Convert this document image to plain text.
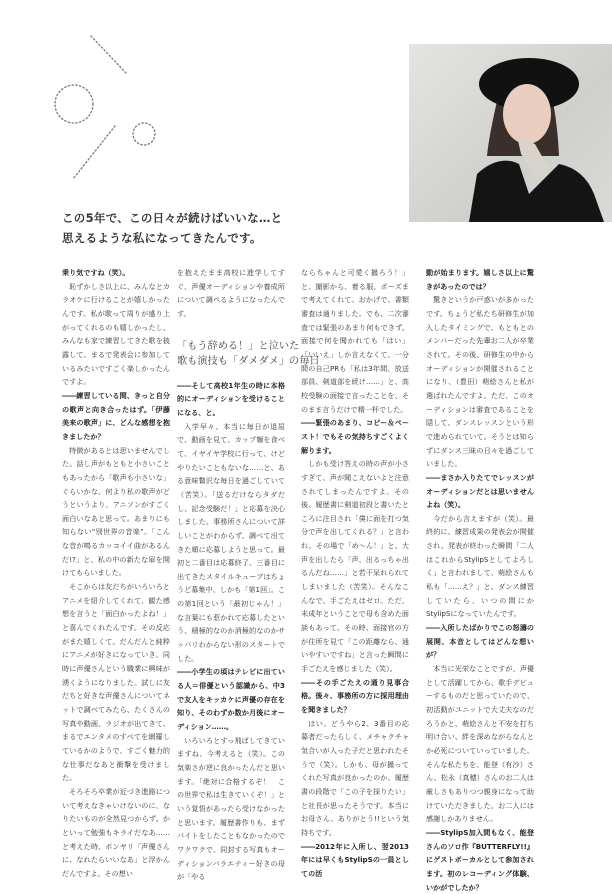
この5年で、この日々が続けばいいな…と
思えるような私になってきたんです。

乗り気ですね（笑）。

恥ずかしさ以上に、みんなとカラオケに行けることが嬉しかったんです。私が歌って周りが盛り上がってくれるのも嬉しかったし、みんなも家で練習してきた歌を披露して、まるで発表会に参加しているみたいですごく楽しかったんですよ。

――練習している間、きっと自分の歌声と向き合ったはず。「伊藤美来の歌声」に、どんな感想を抱きましたか？

特徴があるとは思いませんでした。話し声がもともと小さいこともあったから「歌声も小さいな」ぐらいかな。何より私の歌声がどうというより、アニソンがすごく面白いなあと思って。あまりにも知らない“別世界の音楽”。「こんな音が鳴るカッコイイ曲があるんだ!?」と、私の中の新たな扉を開けてもらいました。

そこからは友だちがいろいろとアニメを紹介してくれて、観た感想を言うと「面白かったよね！」と喜んでくれたんです。その反応がまた嬉しくて。だんだんと純粋にアニメが好きになっていき、同時に声優さんという職業に興味が湧くようになりました。試しに友だちと好きな声優さんについてネットで調べてみたら、たくさんの写真や動画、ラジオが出てきて、まるでエンタメのすべてを網羅しているかのようで、すごく魅力的な仕事だなあと衝撃を受けました。

そろそろ卒業が近づき進路について考えなきゃいけないのに、なりたいものが全然見つからず。かといって勉強もキライだなあ……と考えた時、ボンヤリ「声優さんに、なれたらいいなあ」と浮かんだんですよ。その想い

を抱えたまま高校に進学してすぐ、声優オーディションや養成所について調べるようになったんです。

「もう辞める！」と泣いた
歌も演技も「ダメダメ」の毎日

――そして高校1年生の時に本格的にオーディションを受けることになる、と。

入学早々、本当に毎日が退屈で、動画を見て、カップ麺を食べて、イヤイヤ学校に行って、けどやりたいこともないな……と、ある意味贅沢な毎日を過ごしていて（苦笑）。「送るだけならタダだし、記念受験だ！」と応募を決心しました。事務所さんについて詳しいことがわからず、調べて出てきた順に応募しようと思って。最初と二番目は応募終了、三番目に出てきたスタイルキューブはちょうど募集中、しかも「第1回」。この第1回という「最初じゃん！」な言葉にも惹かれて応募したという、積極的なのか消極的なのかサッパリわからない形のスタートでした。

――小学生の頃はテレビに出ている人＝俳優という認識から、中3で友人をキッカケに声優の存在を知り、そのわずか数か月後にオーディション……。

いろいろとすっ飛ばしてきていますね、今考えると（笑）。この気楽さが逆に良かったんだと思います。「絶対に合格するぞ！　この世界で私は生きていくぞ！」という覚悟があったら受けなかったと思います。履歴書作りも、まずバイトをしたこともなかったのでワクワクで。同封する写真もオーディションバラエティー好きの母が「やる

ならちゃんと可愛く撮ろう！」と、撮影から、着る服、ポーズまで考えてくれて。おかげで、書類審査は通りました。でも、二次審査では緊張のあまり何もできず。面接で何を聞かれても「はい」「いいえ」しか言えなくて、一分間の自己PRも「私は3年間、放送部員、剣道部を続け……」と、高校受験の面接で言ったことを、そのまま言うだけで精一杯でした。

――緊張のあまり、コピー＆ペースト！でもその気持ちすごくよく解ります。

しかも受け答えの時の声が小さすぎて、声が聞こえないよと注意されてしまったんですよ。その後、履歴書に剣道初段と書いたところに注目され「僕に面を打つ気分で声を出してくれる？」と言われ、その場で「め〜ん！」と、大声を出したら「声、出るっちゃ出るんだね……」と若干呆れられてしまいました（苦笑）。そんなこんなで、手ごたえはゼロ。ただ、未成年ということで母も含めた面談もあって。その時、面接官の方が住所を見て「この距離なら、通いやすいですね」と言った瞬間に手ごたえを感じました（笑）。

――その手ごたえの通り見事合格。後々、事務所の方に採用理由を聞きました？

はい。どうやら2、3番目の応募者だったらしく、メチャクチャ気合いが入った子だと思われたそうで（笑）。しかも、母が撮ってくれた写真が良かったのか、履歴書の段階で「この子を採りたい」と社長が思ったそうです。本当にお母さん、ありがとう!!という気持ちです。

――2012年に入所し、翌2013年には早くもStylipSの一員としての活

動が始まります。嬉しさ以上に驚きがあったのでは？

驚きというか戸惑いが多かったです。ちょうど私たち研修生が加入したタイミングで、もともとのメンバーだった先輩お二人が卒業されて。その後、研修生の中からオーディションが開催されることになり、（豊田）萌絵さんと私が選ばれたんですよ。ただ、このオーディションは審査であることを隠して、ダンスレッスンという形で進められていて。そうとは知らずにダンス三昧の日々を過ごしていました。

――まさか入りたてでレッスンがオーディションだとは思いませんよね（笑）。

今だから言えますが（笑）。最終的に、練習成果の発表会が開催され、発表が終わった瞬間「二人はこれからStylipSとしてよろしく」と言われまして、萌絵さんも私も「……え？」と。ダンス練習していたら、いつの間にかStylipSになっていたんです。

――入所したばかりでこの怒濤の展開、本音としてはどんな想いが？

本当に光栄なことですが、声優として活躍してから、歌手デビューするものだと思っていたので、初活動がユニットで大丈夫なのだろうかと、萌絵さんと不安を打ち明け合い、絆を深めながらなんとか必死についていっていました。そんな私たちを、能登（有沙）さん、松永（真穂）さんのお二人は厳しさもありつつ親身になって助けていただきました。お二人には感謝しかありません。

――StylipS加入間もなく、能登さんのソロ作『BUTTERFLY!!』にゲストボーカルとして参加されます。初のレコーディング体験、いかがでしたか？
